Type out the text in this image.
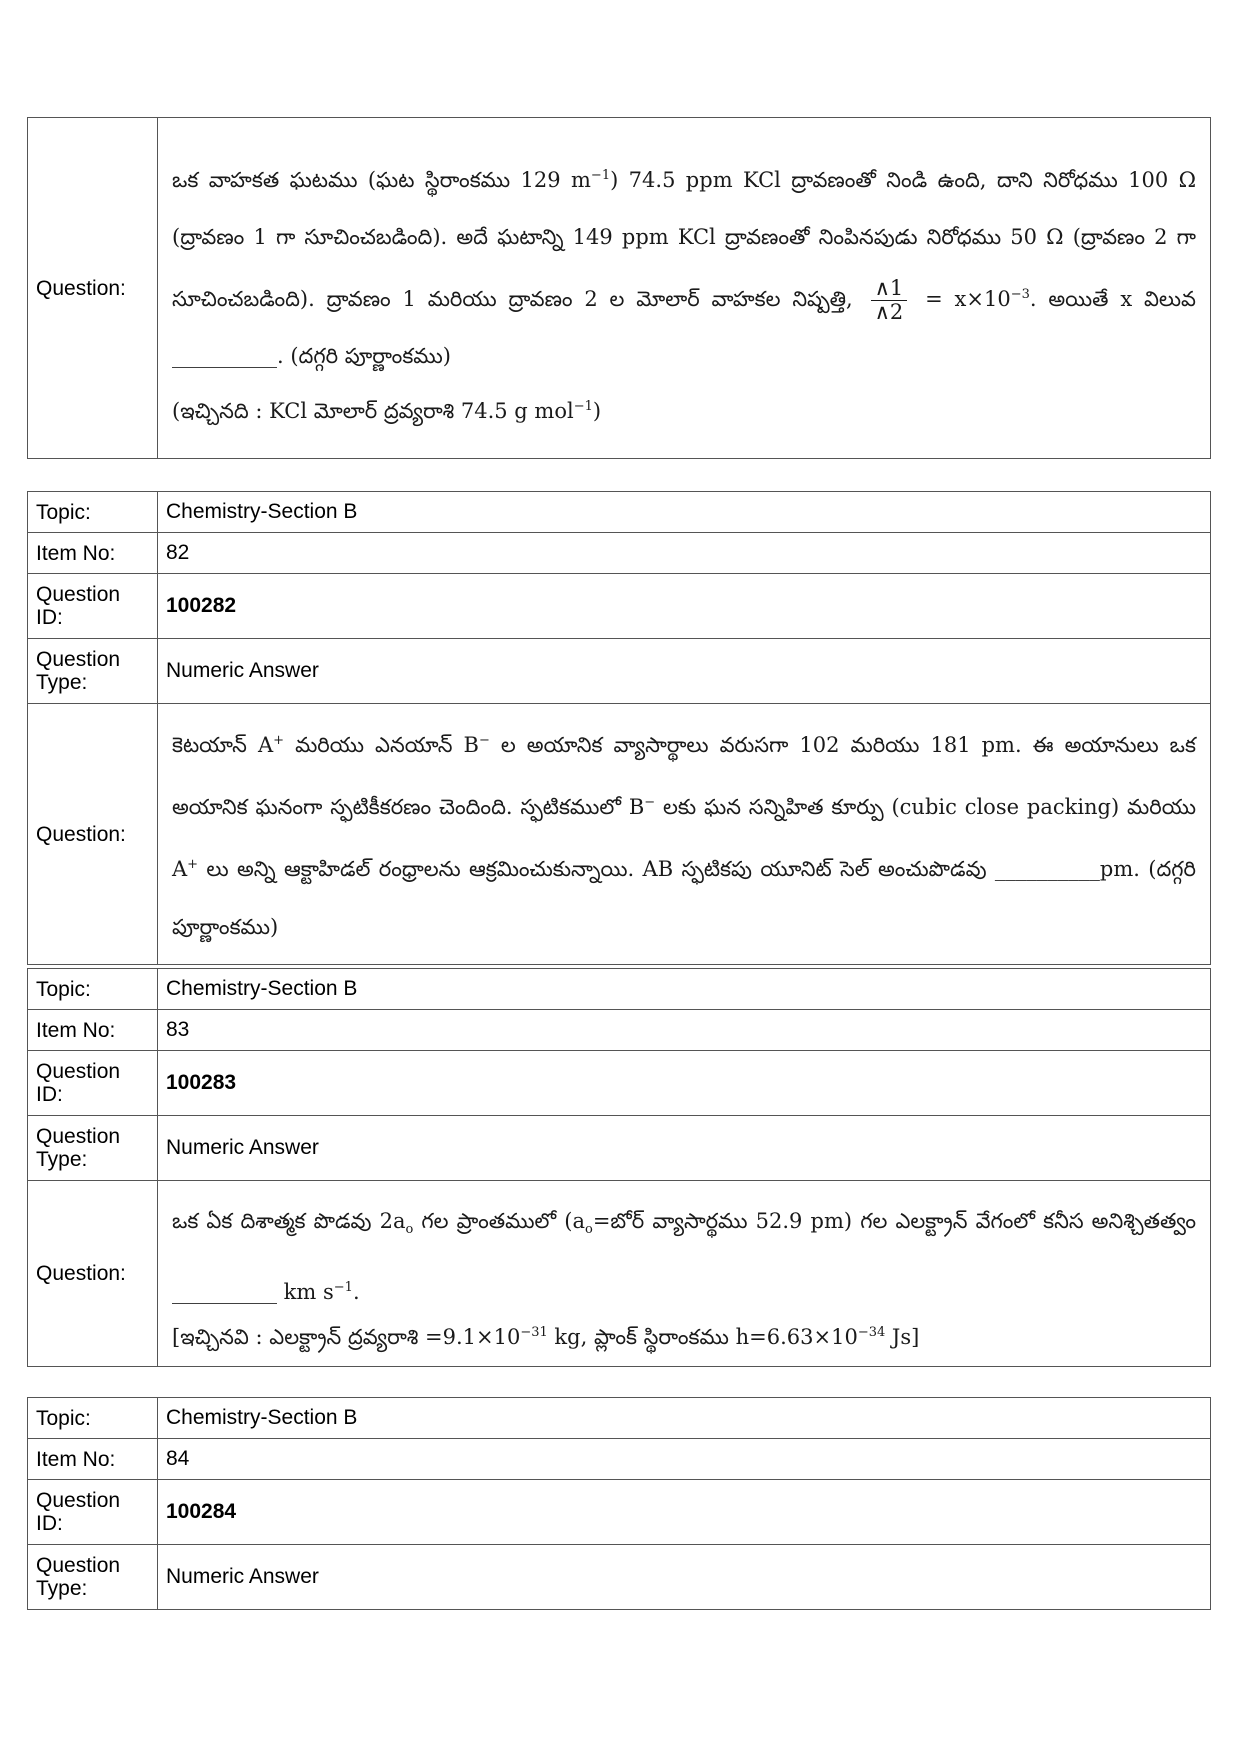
Question:	

ఒక వాహకత ఘటము (ఘట స్థిరాంకము 129 $m^{-1}$) 74.5 ppm KCl ద్రావణంతో నిండి ఉంది, దాని నిరోధము 100 Ω (ద్రావణం 1 గా సూచించబడింది). అదే ఘటాన్ని 149 ppm KCl ద్రావణంతో నింపినపుడు నిరోధము 50 Ω (ద్రావణం 2 గా సూచించబడింది). ద్రావణం 1 మరియు ద్రావణం 2 ల మోలార్ వాహకల నిష్పత్తి, $\frac{\wedge 1}{\wedge 2} = x\times 10^{-3}$. అయితే x విలువ __________. (దగ్గరి పూర్ణాంకము)

(ఇచ్చినది : KCl మోలార్ ద్రవ్యరాశి 74.5 g mol$^{-1}$)

Topic:	Chemistry-Section B
Item No:	82
Question ID:	100282
Question Type:	Numeric Answer
Question:	కెటయాన్ A+ మరియు ఎనయాన్ B− ల అయానిక వ్యాసార్థాలు వరుసగా 102 మరియు 181 pm. ఈ అయానులు ఒక అయానిక ఘనంగా స్ఫటికీకరణం చెందింది. స్ఫటికములో B− లకు ఘన సన్నిహిత కూర్పు (cubic close packing) మరియు A+ లు అన్ని ఆక్టాహిడల్ రంధ్రాలను ఆక్రమించుకున్నాయి. AB స్ఫటికపు యూనిట్ సెల్ అంచుపొడవు __________pm. (దగ్గరి పూర్ణాంకము)

Topic:	Chemistry-Section B
Item No:	83
Question ID:	100283
Question Type:	Numeric Answer
Question:	ఒక ఏక దిశాత్మక పొడవు $2a_o$ గల ప్రాంతములో ($a_o=బోర్$ వ్యాసార్థము 52.9 pm) గల ఎలక్ట్రాన్ వేగంలో కనీస అనిశ్చితత్వం __________ km $s^{-1}$.

[ఇచ్చినవి : ఎలక్ట్రాన్ ద్రవ్యరాశి $=9.1\times 10^{-31}$ kg, ప్లాంక్ స్థిరాంకము $h=6.63\times 10^{-34}$ Js]

Topic:	Chemistry-Section B
Item No:	84
Question ID:	100284
Question Type:	Numeric Answer
